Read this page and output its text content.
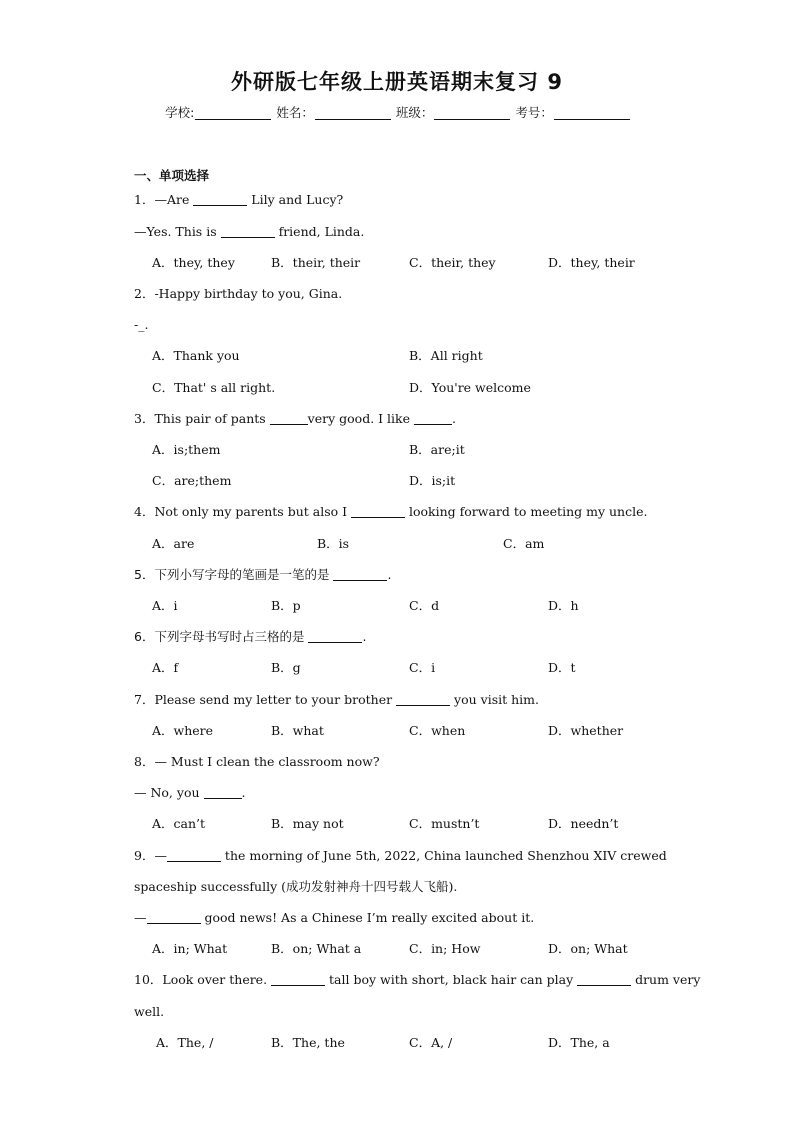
外研版七年级上册英语期末复习 9
学校:	姓名：	班级：	考号：
一、单项选择
1．—Are	Lily and Lucy?
—Yes. This is	friend, Linda.
A．they, they	B．their, their	C．their, they	D．they, their
2．-Happy birthday to you, Gina.
-_.
A．Thank you	B．All right
C．That' s all right.	D．You're welcome
3．This pair of pants	very good. I like	.
A．is;them	B．are;it
C．are;them	D．is;it
4．Not only my parents but also I	looking forward to meeting my uncle.
A．are	B．is	C．am
5．下列小写字母的笔画是一笔的是	.
A．i	B．p	C．d	D．h
6．下列字母书写时占三格的是	.
A．f	B．g	C．i	D．t
7．Please send my letter to your brother	you visit him.
A．where	B．what	C．when	D．whether
8．— Must I clean the classroom now?
— No, you	.
A．can’t	B．may not	C．mustn’t	D．needn’t
9．—	the morning of June 5th, 2022, China launched Shenzhou XIV crewed
spaceship successfully (成功发射神舟十四号载人飞船).
—	good news! As a Chinese I’m really excited about it.
A．in; What	B．on; What a	C．in; How	D．on; What
10．Look over there.	tall boy with short, black hair can play	drum very
well.
A．The, /	B．The, the	C．A, /	D．The, a
